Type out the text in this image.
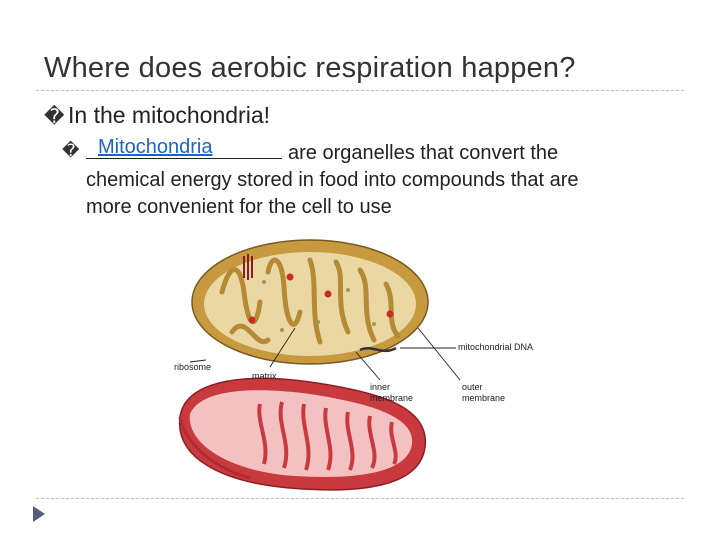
Where does aerobic respiration happen?
� In the mitochondria!
� Mitochondria	are organelles that convert the
chemical energy stored in food into compounds that are
more convenient for the cell to use
ribosome
matrix
inner membrane
outer membrane
mitochondrial DNA
